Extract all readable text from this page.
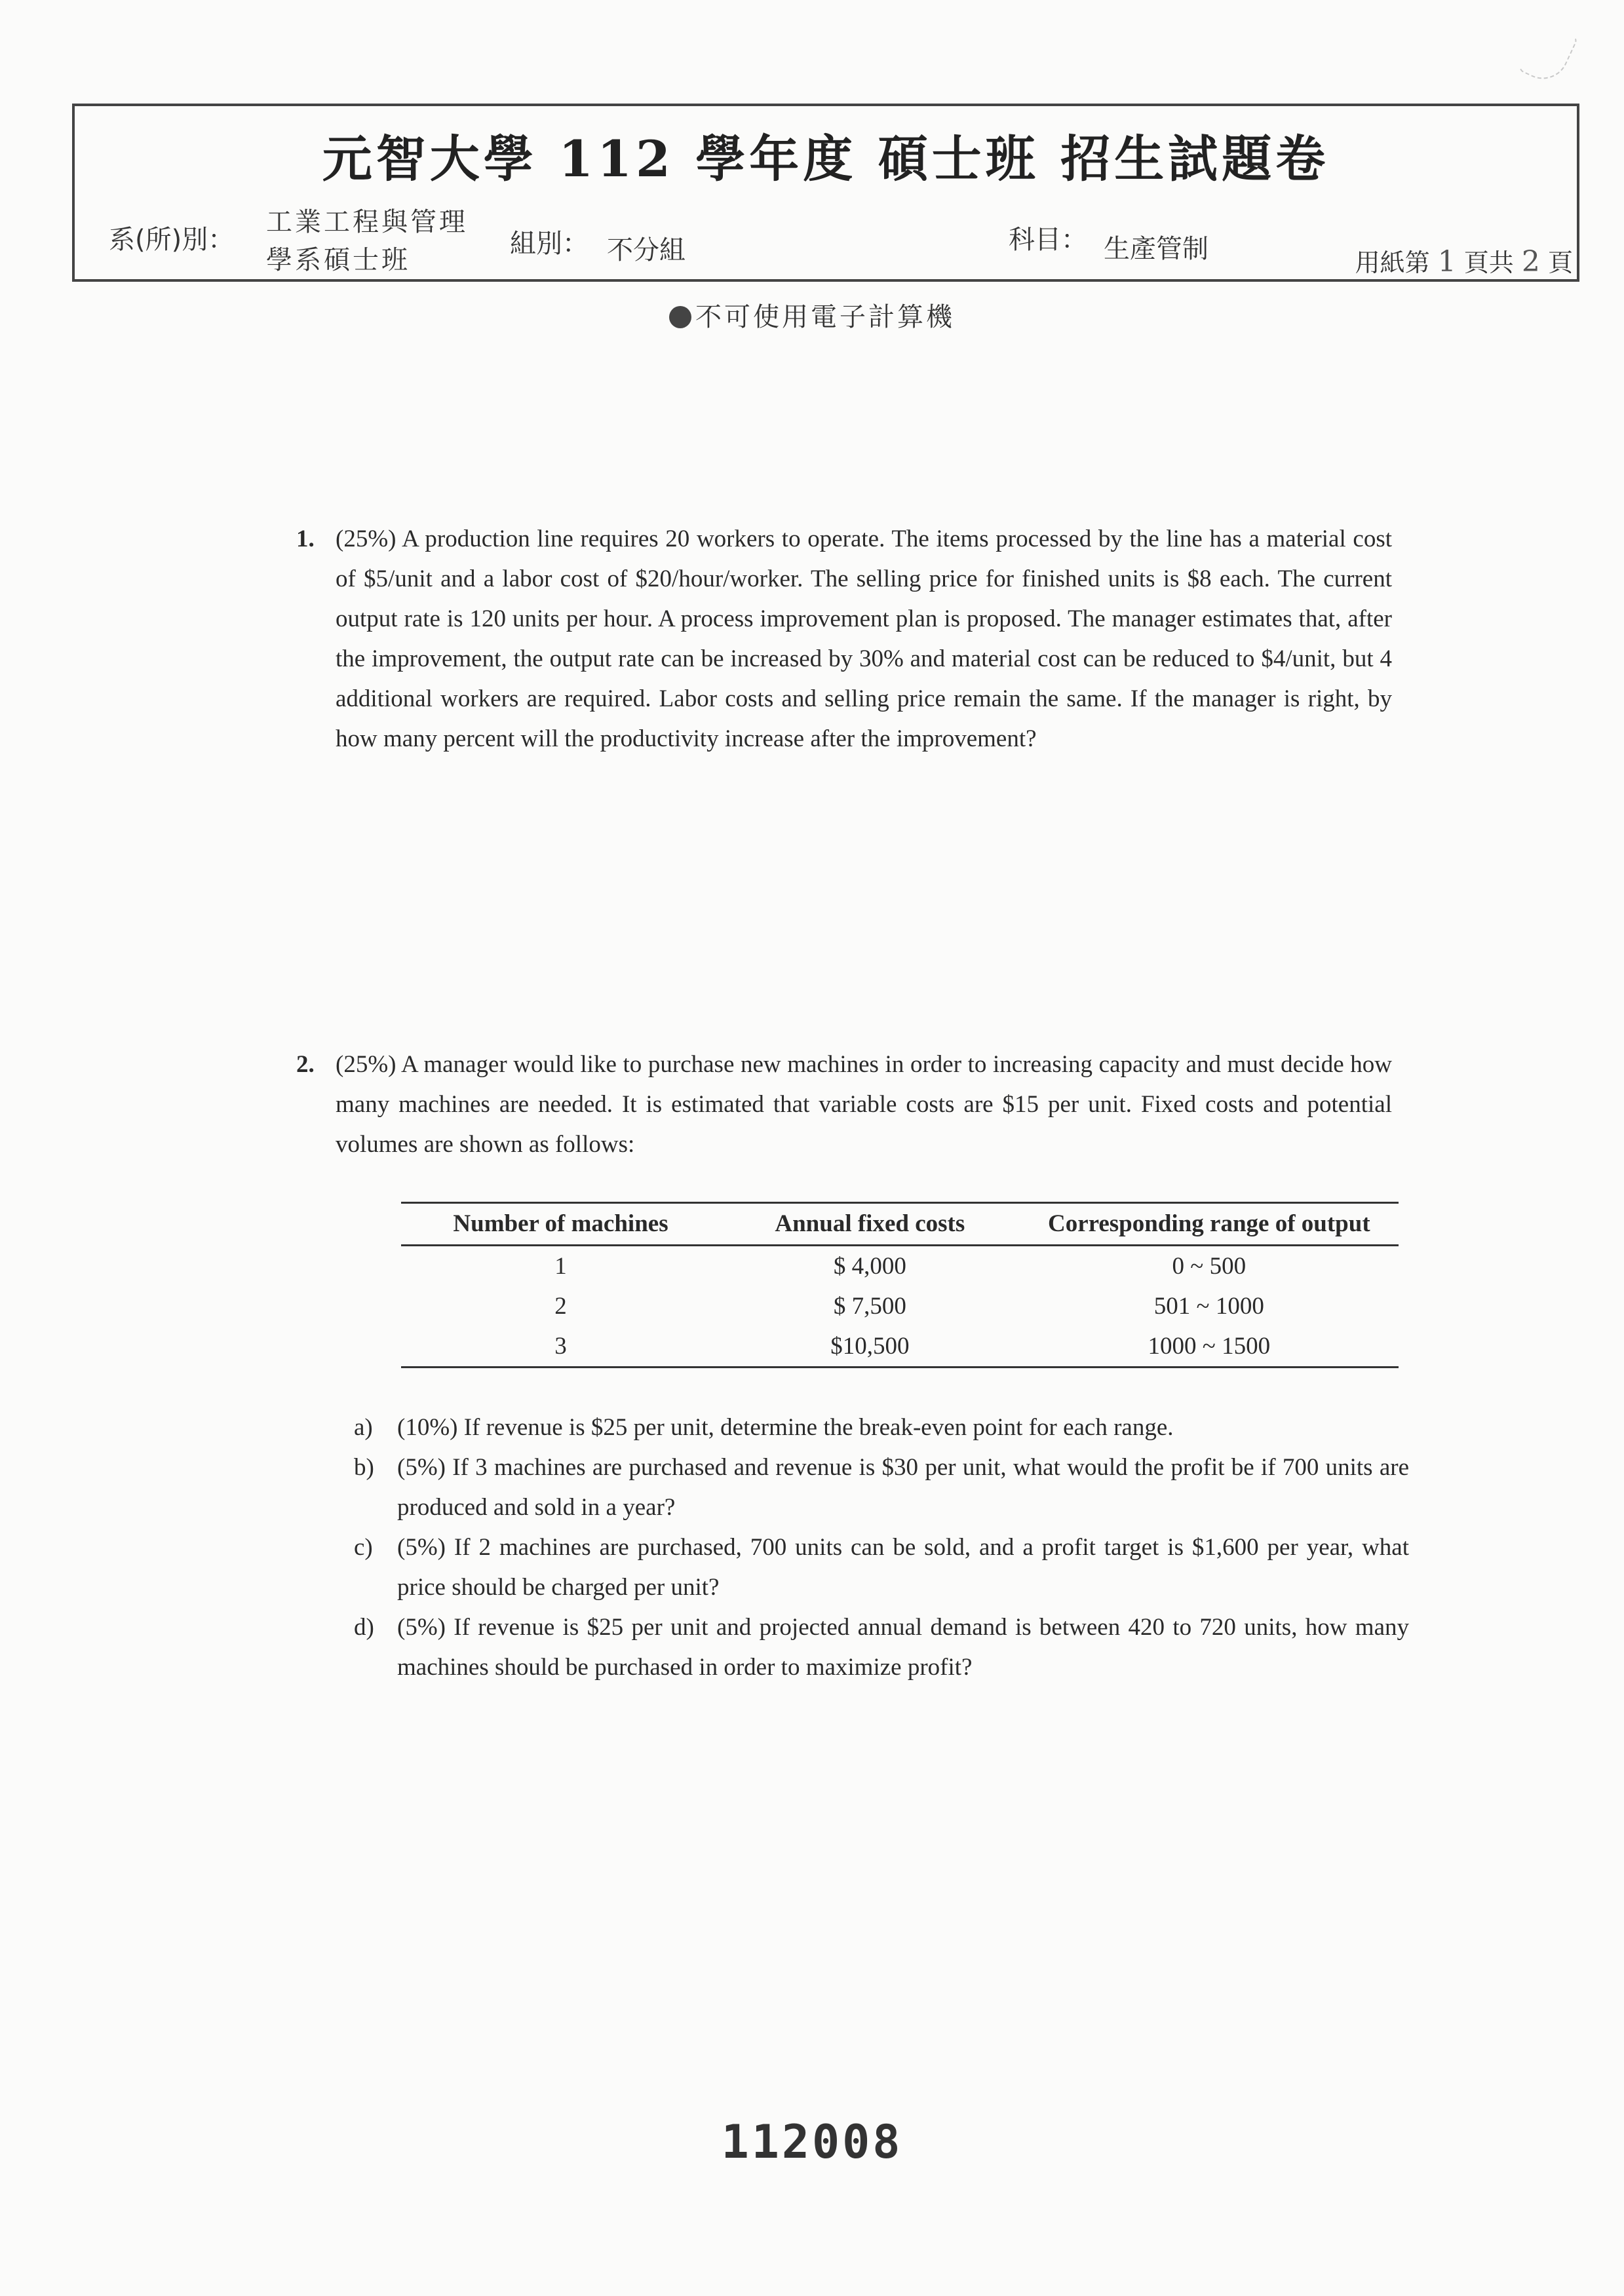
元智大學 112 學年度 碩士班 招生試題卷
系(所)別：
工業工程與管理
學系碩士班
組別： 不分組	科目： 生產管制	用紙第 1 頁共 2 頁
不可使用電子計算機
1. (25%) A production line requires 20 workers to operate. The items processed by the line has a material cost of $5/unit and a labor cost of $20/hour/worker. The selling price for finished units is $8 each. The current output rate is 120 units per hour. A process improvement plan is proposed. The manager estimates that, after the improvement, the output rate can be increased by 30% and material cost can be reduced to $4/unit, but 4 additional workers are required. Labor costs and selling price remain the same. If the manager is right, by how many percent will the productivity increase after the improvement?
2. (25%) A manager would like to purchase new machines in order to increasing capacity and must decide how many machines are needed. It is estimated that variable costs are $15 per unit. Fixed costs and potential volumes are shown as follows:
Number of machines	Annual fixed costs	Corresponding range of output
1	$ 4,000	0 ~ 500
2	$ 7,500	501 ~ 1000
3	$10,500	1000 ~ 1500
a) (10%) If revenue is $25 per unit, determine the break-even point for each range.
b) (5%) If 3 machines are purchased and revenue is $30 per unit, what would the profit be if 700 units are produced and sold in a year?
c) (5%) If 2 machines are purchased, 700 units can be sold, and a profit target is $1,600 per year, what price should be charged per unit?
d) (5%) If revenue is $25 per unit and projected annual demand is between 420 to 720 units, how many machines should be purchased in order to maximize profit?
112008
